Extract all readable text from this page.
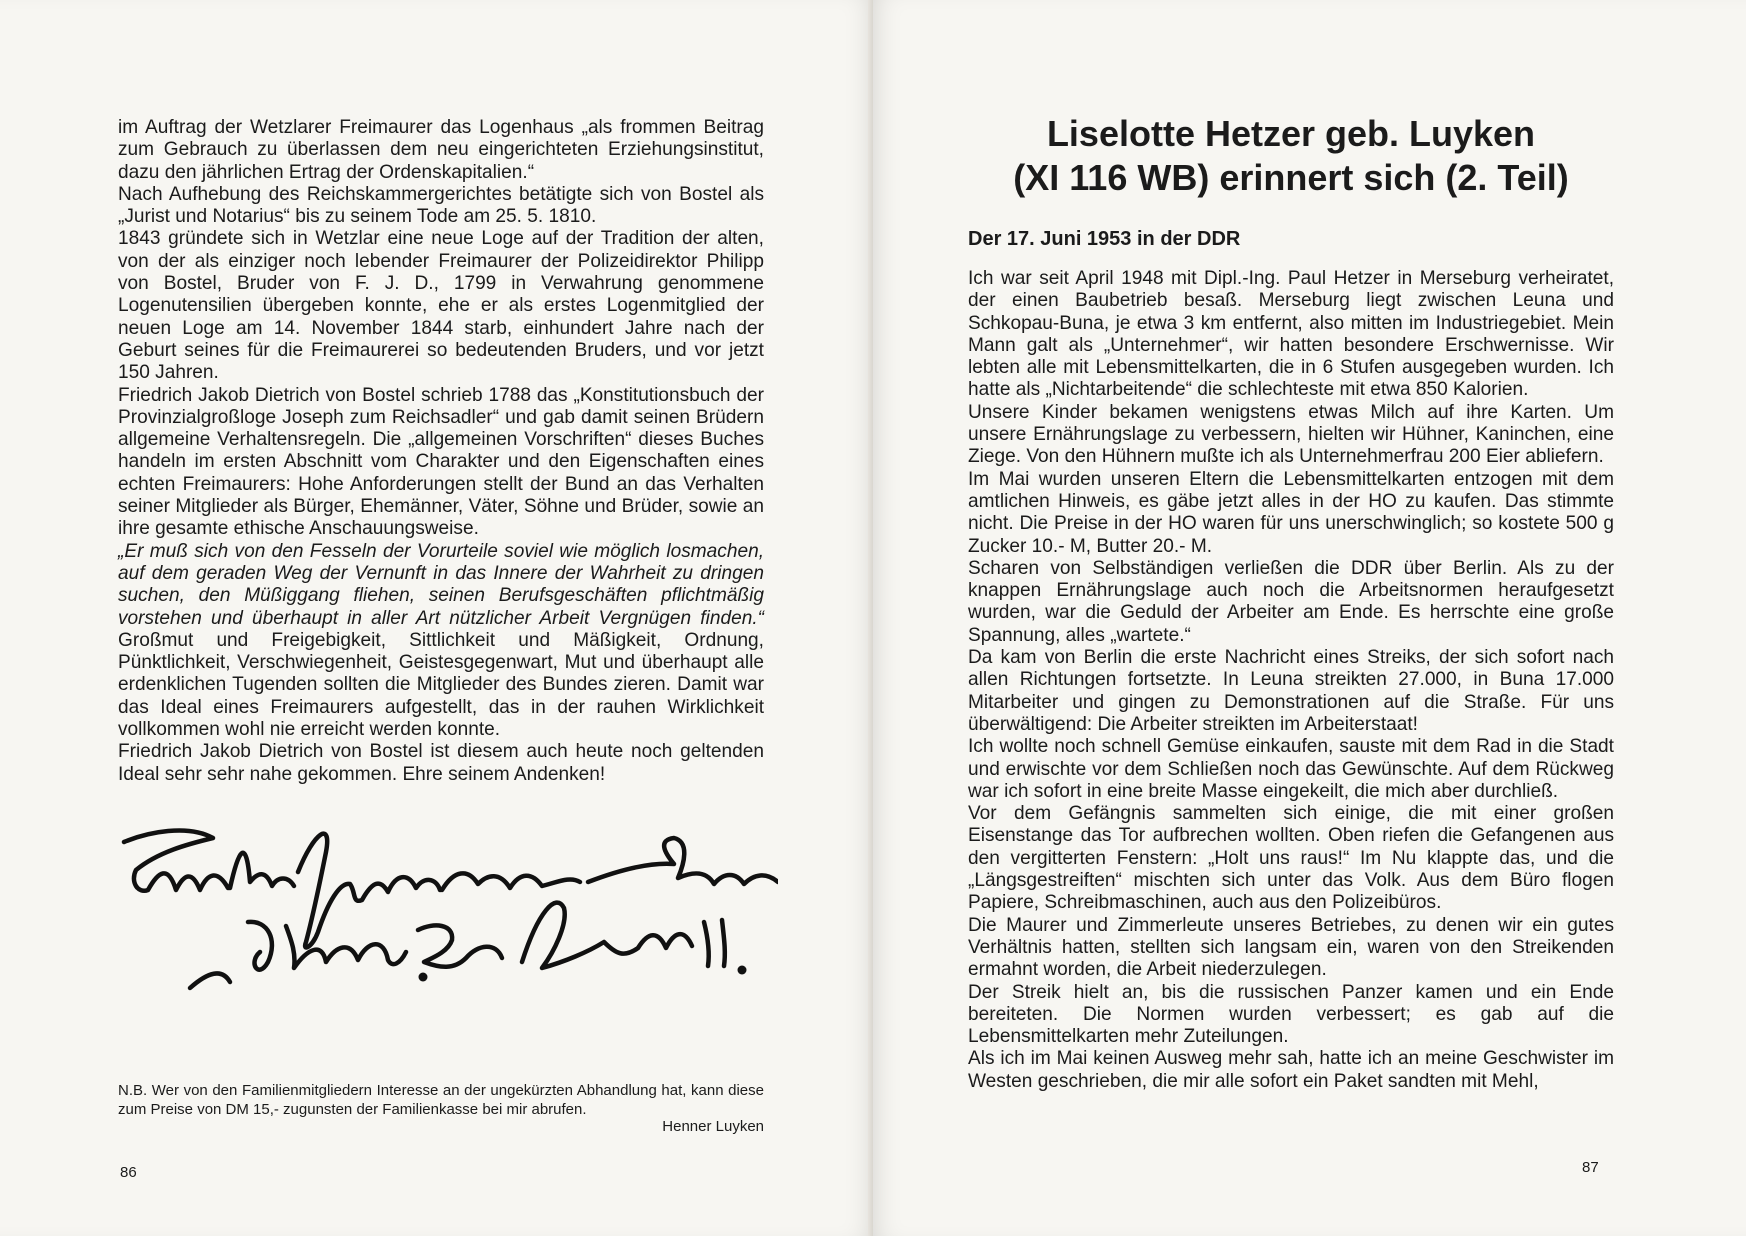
im Auftrag der Wetzlarer Freimaurer das Logenhaus „als frommen Beitrag zum Gebrauch zu überlassen dem neu eingerichteten Erziehungsinstitut, dazu den jährlichen Ertrag der Ordenskapitalien.“

Nach Aufhebung des Reichskammergerichtes betätigte sich von Bostel als „Jurist und Notarius“ bis zu seinem Tode am 25. 5. 1810.

1843 gründete sich in Wetzlar eine neue Loge auf der Tradition der alten, von der als einziger noch lebender Freimaurer der Polizeidirektor Philipp von Bostel, Bruder von F. J. D., 1799 in Verwahrung genommene Logenutensilien übergeben konnte, ehe er als erstes Logenmitglied der neuen Loge am 14. November 1844 starb, einhundert Jahre nach der Geburt seines für die Freimaurerei so bedeutenden Bruders, und vor jetzt 150 Jahren.

Friedrich Jakob Dietrich von Bostel schrieb 1788 das „Konstitutionsbuch der Provinzialgroßloge Joseph zum Reichsadler“ und gab damit seinen Brüdern allgemeine Verhaltensregeln. Die „allgemeinen Vorschriften“ dieses Buches handeln im ersten Abschnitt vom Charakter und den Eigenschaften eines echten Freimaurers: Hohe Anforderungen stellt der Bund an das Verhalten seiner Mitglieder als Bürger, Ehemänner, Väter, Söhne und Brüder, sowie an ihre gesamte ethische Anschauungsweise.

„Er muß sich von den Fesseln der Vorurteile soviel wie möglich losmachen, auf dem geraden Weg der Vernunft in das Innere der Wahrheit zu dringen suchen, den Müßiggang fliehen, seinen Berufsgeschäften pflichtmäßig vorstehen und überhaupt in aller Art nützlicher Arbeit Vergnügen finden.“ Großmut und Freigebigkeit, Sittlichkeit und Mäßigkeit, Ordnung, Pünktlichkeit, Verschwiegenheit, Geistesgegenwart, Mut und überhaupt alle erdenklichen Tugenden sollten die Mitglieder des Bundes zieren. Damit war das Ideal eines Freimaurers aufgestellt, das in der rauhen Wirklichkeit vollkommen wohl nie erreicht werden konnte.

Friedrich Jakob Dietrich von Bostel ist diesem auch heute noch geltenden Ideal sehr sehr nahe gekommen. Ehre seinem Andenken!

N.B. Wer von den Familienmitgliedern Interesse an der ungekürzten Abhandlung hat, kann diese zum Preise von DM 15,- zugunsten der Familienkasse bei mir abrufen.
Henner Luyken
86
Liselotte Hetzer geb. Luyken
(XI 116 WB) erinnert sich (2. Teil)
Der 17. Juni 1953 in der DDR

Ich war seit April 1948 mit Dipl.-Ing. Paul Hetzer in Merseburg verheiratet, der einen Baubetrieb besaß. Merseburg liegt zwischen Leuna und Schkopau-Buna, je etwa 3 km entfernt, also mitten im Industriegebiet. Mein Mann galt als „Unternehmer“, wir hatten besondere Erschwernisse. Wir lebten alle mit Lebensmittelkarten, die in 6 Stufen ausgegeben wurden. Ich hatte als „Nichtarbeitende“ die schlechteste mit etwa 850 Kalorien.

Unsere Kinder bekamen wenigstens etwas Milch auf ihre Karten. Um unsere Ernährungslage zu verbessern, hielten wir Hühner, Kaninchen, eine Ziege. Von den Hühnern mußte ich als Unternehmerfrau 200 Eier abliefern.

Im Mai wurden unseren Eltern die Lebensmittelkarten entzogen mit dem amtlichen Hinweis, es gäbe jetzt alles in der HO zu kaufen. Das stimmte nicht. Die Preise in der HO waren für uns unerschwinglich; so kostete 500 g Zucker 10.- M, Butter 20.- M.

Scharen von Selbständigen verließen die DDR über Berlin. Als zu der knappen Ernährungslage auch noch die Arbeitsnormen heraufgesetzt wurden, war die Geduld der Arbeiter am Ende. Es herrschte eine große Spannung, alles „wartete.“

Da kam von Berlin die erste Nachricht eines Streiks, der sich sofort nach allen Richtungen fortsetzte. In Leuna streikten 27.000, in Buna 17.000 Mitarbeiter und gingen zu Demonstrationen auf die Straße. Für uns überwältigend: Die Arbeiter streikten im Arbeiterstaat!

Ich wollte noch schnell Gemüse einkaufen, sauste mit dem Rad in die Stadt und erwischte vor dem Schließen noch das Gewünschte. Auf dem Rückweg war ich sofort in eine breite Masse eingekeilt, die mich aber durchließ.

Vor dem Gefängnis sammelten sich einige, die mit einer großen Eisenstange das Tor aufbrechen wollten. Oben riefen die Gefangenen aus den vergitterten Fenstern: „Holt uns raus!“ Im Nu klappte das, und die „Längsgestreiften“ mischten sich unter das Volk. Aus dem Büro flogen Papiere, Schreibmaschinen, auch aus den Polizeibüros.

Die Maurer und Zimmerleute unseres Betriebes, zu denen wir ein gutes Verhältnis hatten, stellten sich langsam ein, waren von den Streikenden ermahnt worden, die Arbeit niederzulegen.

Der Streik hielt an, bis die russischen Panzer kamen und ein Ende bereiteten. Die Normen wurden verbessert; es gab auf die Lebensmittelkarten mehr Zuteilungen.

Als ich im Mai keinen Ausweg mehr sah, hatte ich an meine Geschwister im Westen geschrieben, die mir alle sofort ein Paket sandten mit Mehl,

87
